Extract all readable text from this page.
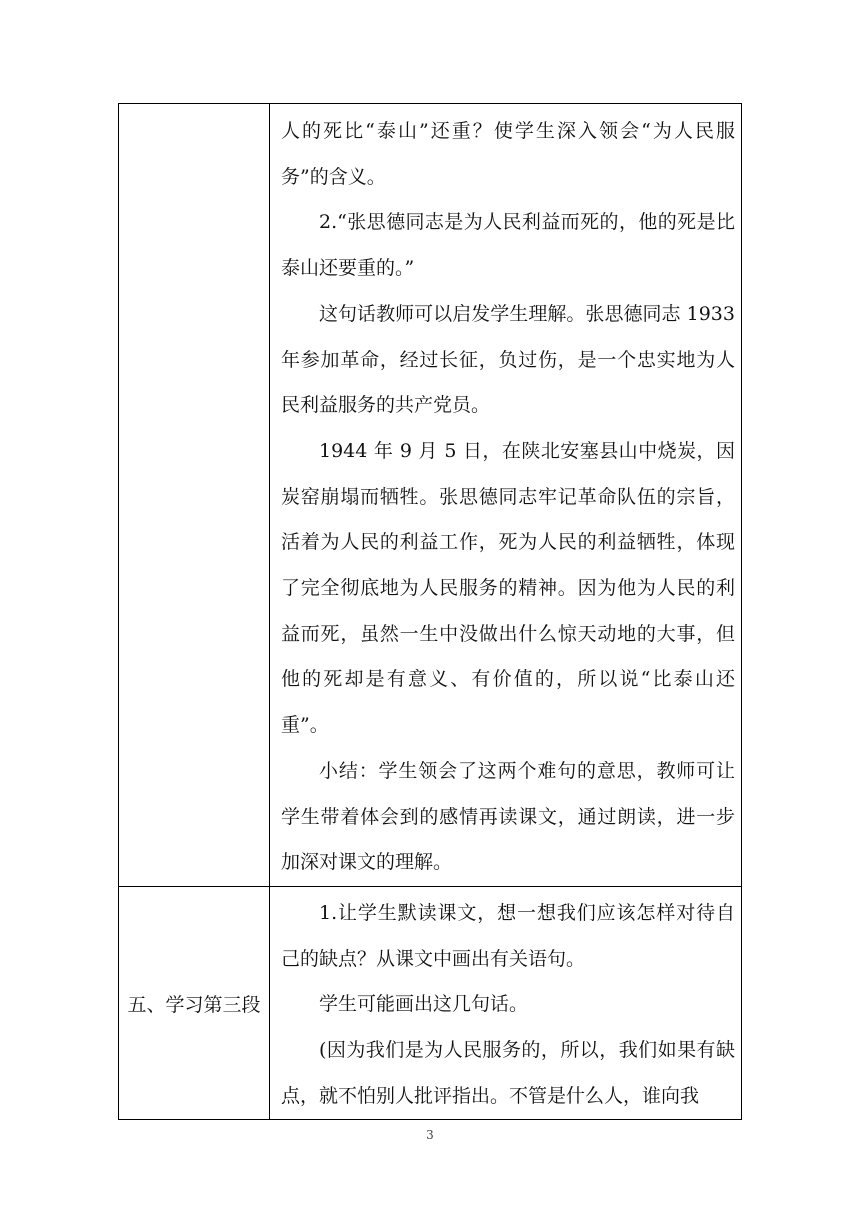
	人的死比“泰山”还重？使学生深入领会“为人民服务”的含义。

2.“张思德同志是为人民利益而死的，他的死是比泰山还要重的。”

这句话教师可以启发学生理解。张思德同志 1933 年参加革命，经过长征，负过伤，是一个忠实地为人民利益服务的共产党员。

1944 年 9 月 5 日，在陕北安塞县山中烧炭，因炭窑崩塌而牺牲。张思德同志牢记革命队伍的宗旨，活着为人民的利益工作，死为人民的利益牺牲，体现了完全彻底地为人民服务的精神。因为他为人民的利益而死，虽然一生中没做出什么惊天动地的大事，但他的死却是有意义、有价值的，所以说“比泰山还重”。

小结：学生领会了这两个难句的意思，教师可让学生带着体会到的感情再读课文，通过朗读，进一步加深对课文的理解。

五、学习第三段	1.让学生默读课文，想一想我们应该怎样对待自己的缺点？从课文中画出有关语句。

学生可能画出这几句话。

(因为我们是为人民服务的，所以，我们如果有缺点，就不怕别人批评指出。不管是什么人，谁向我

3
